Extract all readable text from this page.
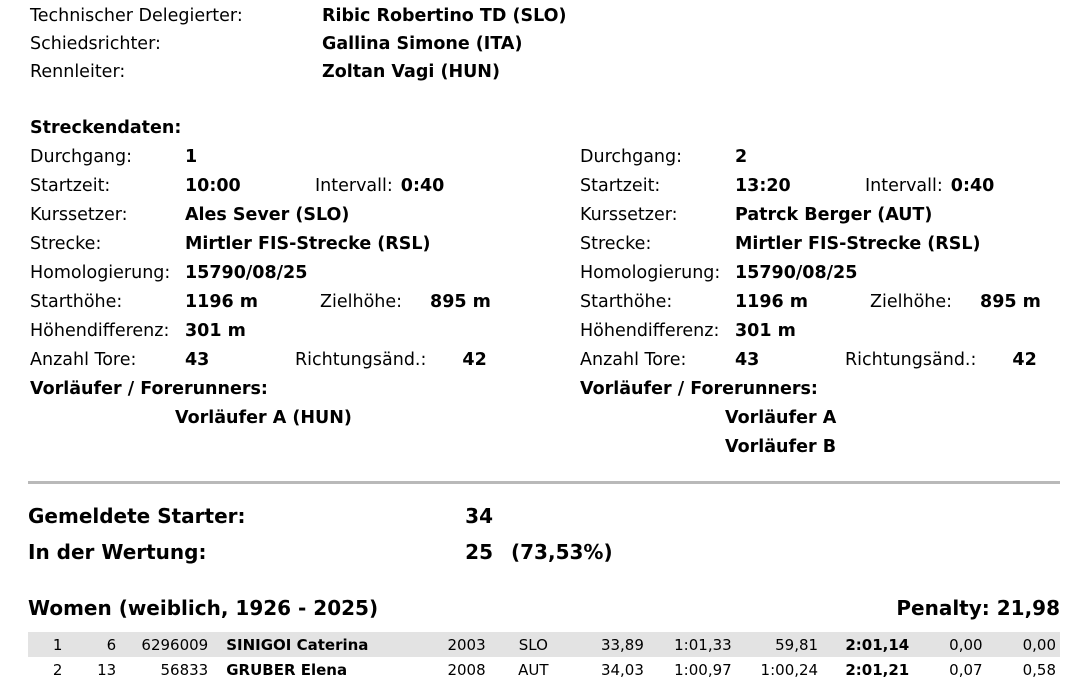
Technischer Delegierter:	Ribic Robertino TD (SLO)
Schiedsrichter:	Gallina Simone (ITA)
Rennleiter:	Zoltan Vagi (HUN)
Streckendaten:
Durchgang:	1
Startzeit:	10:00	Intervall: 0:40
Kurssetzer:	Ales Sever (SLO)
Strecke:	Mirtler FIS-Strecke (RSL)
Homologierung: 15790/08/25
Starthöhe:	1196 m	Zielhöhe: 895 m
Höhendifferenz: 301 m
Anzahl Tore:	43	Richtungsänd.: 42
Vorläufer / Forerunners:
Vorläufer A (HUN)
Durchgang:	2
Startzeit:	13:20	Intervall: 0:40
Kurssetzer:	Patrck Berger (AUT)
Strecke:	Mirtler FIS-Strecke (RSL)
Homologierung: 15790/08/25
Starthöhe:	1196 m	Zielhöhe: 895 m
Höhendifferenz: 301 m
Anzahl Tore:	43	Richtungsänd.: 42
Vorläufer / Forerunners:
Vorläufer A
Vorläufer B
Gemeldete Starter:	34
In der Wertung:	25 (73,53%)
Women (weiblich, 1926 - 2025)	Penalty: 21,98
1	6	6296009	SINIGOI Caterina	2003	SLO	33,89	1:01,33	59,81	2:01,14	0,00	0,00
2	13	56833	GRUBER Elena	2008	AUT	34,03	1:00,97	1:00,24	2:01,21	0,07	0,58
